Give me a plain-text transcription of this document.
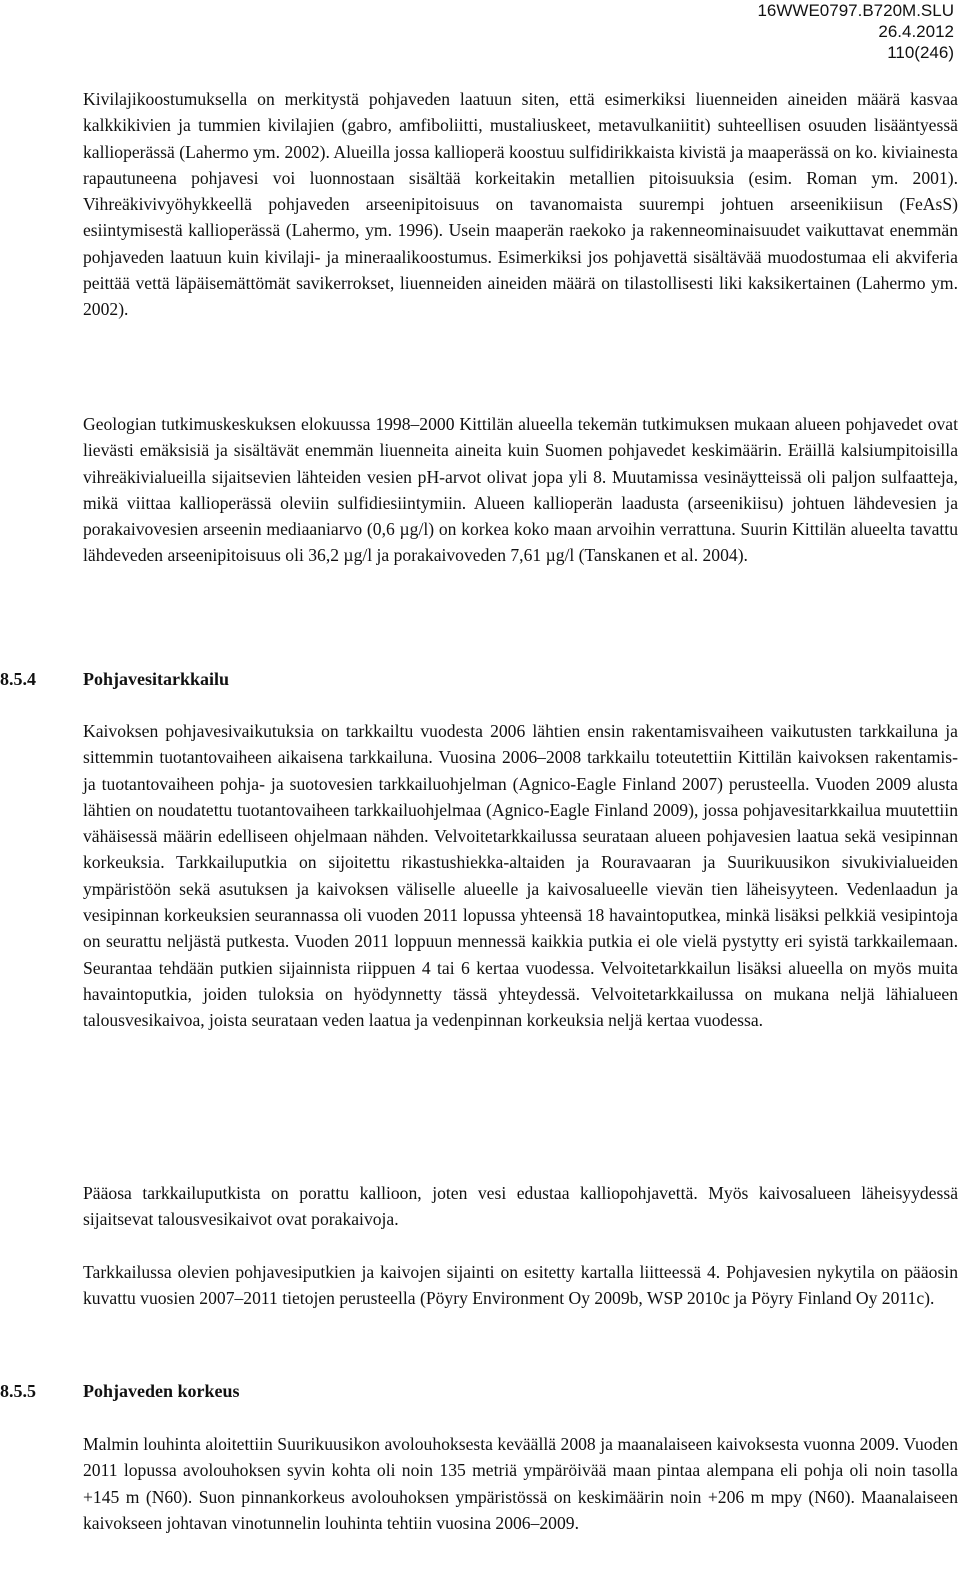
16WWE0797.B720M.SLU
26.4.2012
110(246)

Kivilajikoostumuksella on merkitystä pohjaveden laatuun siten, että esimerkiksi liuenneiden aineiden määrä kasvaa kalkkikivien ja tummien kivilajien (gabro, amfiboliitti, mustaliuskeet, metavulkaniitit) suhteellisen osuuden lisääntyessä kallioperässä (Lahermo ym. 2002). Alueilla jossa kallioperä koostuu sulfidirikkaista kivistä ja maaperässä on ko. kiviainesta rapautuneena pohjavesi voi luonnostaan sisältää korkeitakin metallien pitoisuuksia (esim. Roman ym. 2001). Vihreäkivivyöhykkeellä pohjaveden arseenipitoisuus on tavanomaista suurempi johtuen arseenikiisun (FeAsS) esiintymisestä kallioperässä (Lahermo, ym. 1996). Usein maaperän raekoko ja rakenneominaisuudet vaikuttavat enemmän pohjaveden laatuun kuin kivilaji- ja mineraalikoostumus. Esimerkiksi jos pohjavettä sisältävää muodostumaa eli akviferia peittää vettä läpäisemättömät savikerrokset, liuenneiden aineiden määrä on tilastollisesti liki kaksikertainen (Lahermo ym. 2002).

Geologian tutkimuskeskuksen elokuussa 1998–2000 Kittilän alueella tekemän tutkimuksen mukaan alueen pohjavedet ovat lievästi emäksisiä ja sisältävät enemmän liuenneita aineita kuin Suomen pohjavedet keskimäärin. Eräillä kalsiumpitoisilla vihreäkivialueilla sijaitsevien lähteiden vesien pH-arvot olivat jopa yli 8. Muutamissa vesinäytteissä oli paljon sulfaatteja, mikä viittaa kallioperässä oleviin sulfidiesiintymiin. Alueen kallioperän laadusta (arseenikiisu) johtuen lähdevesien ja porakaivovesien arseenin mediaaniarvo (0,6 µg/l) on korkea koko maan arvoihin verrattuna. Suurin Kittilän alueelta tavattu lähdeveden arseenipitoisuus oli 36,2 µg/l ja porakaivoveden 7,61 µg/l (Tanskanen et al. 2004).

8.5.4	Pohjavesitarkkailu

Kaivoksen pohjavesivaikutuksia on tarkkailtu vuodesta 2006 lähtien ensin rakentamisvaiheen vaikutusten tarkkailuna ja sittemmin tuotantovaiheen aikaisena tarkkailuna. Vuosina 2006–2008 tarkkailu toteutettiin Kittilän kaivoksen rakentamis- ja tuotantovaiheen pohja- ja suotovesien tarkkailuohjelman (Agnico-Eagle Finland 2007) perusteella. Vuoden 2009 alusta lähtien on noudatettu tuotantovaiheen tarkkailuohjelmaa (Agnico-Eagle Finland 2009), jossa pohjavesitarkkailua muutettiin vähäisessä määrin edelliseen ohjelmaan nähden. Velvoitetarkkailussa seurataan alueen pohjavesien laatua sekä vesipinnan korkeuksia. Tarkkailuputkia on sijoitettu rikastushiekka-altaiden ja Rouravaaran ja Suurikuusikon sivukivialueiden ympäristöön sekä asutuksen ja kaivoksen väliselle alueelle ja kaivosalueelle vievän tien läheisyyteen. Vedenlaadun ja vesipinnan korkeuksien seurannassa oli vuoden 2011 lopussa yhteensä 18 havaintoputkea, minkä lisäksi pelkkiä vesipintoja on seurattu neljästä putkesta. Vuoden 2011 loppuun mennessä kaikkia putkia ei ole vielä pystytty eri syistä tarkkailemaan. Seurantaa tehdään putkien sijainnista riippuen 4 tai 6 kertaa vuodessa. Velvoitetarkkailun lisäksi alueella on myös muita havaintoputkia, joiden tuloksia on hyödynnetty tässä yhteydessä. Velvoitetarkkailussa on mukana neljä lähialueen talousvesikaivoa, joista seurataan veden laatua ja vedenpinnan korkeuksia neljä kertaa vuodessa.

Pääosa tarkkailuputkista on porattu kallioon, joten vesi edustaa kalliopohjavettä. Myös kaivosalueen läheisyydessä sijaitsevat talousvesikaivot ovat porakaivoja.

Tarkkailussa olevien pohjavesiputkien ja kaivojen sijainti on esitetty kartalla liitteessä 4. Pohjavesien nykytila on pääosin kuvattu vuosien 2007–2011 tietojen perusteella (Pöyry Environment Oy 2009b, WSP 2010c ja Pöyry Finland Oy 2011c).

8.5.5	Pohjaveden korkeus

Malmin louhinta aloitettiin Suurikuusikon avolouhoksesta keväällä 2008 ja maanalaiseen kaivoksesta vuonna 2009. Vuoden 2011 lopussa avolouhoksen syvin kohta oli noin 135 metriä ympäröivää maan pintaa alempana eli pohja oli noin tasolla +145 m (N60). Suon pinnankorkeus avolouhoksen ympäristössä on keskimäärin noin +206 m mpy (N60). Maanalaiseen kaivokseen johtavan vinotunnelin louhinta tehtiin vuosina 2006–2009.
